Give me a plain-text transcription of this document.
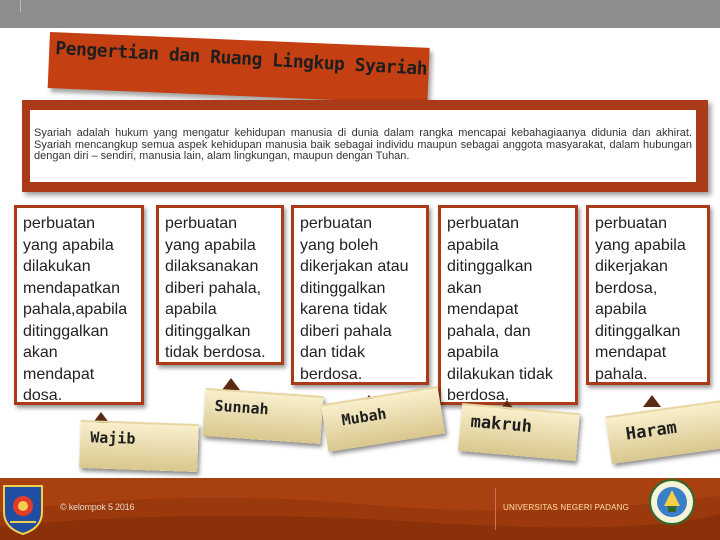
Pengertian dan Ruang Lingkup Syariah
Syariah adalah hukum yang mengatur kehidupan manusia di dunia dalam rangka mencapai kebahagiaanya didunia dan akhirat. Syariah mencangkup semua aspek kehidupan manusia baik sebagai individu maupun sebagai anggota masyarakat, dalam hubungan dengan diri – sendiri, manusia lain, alam lingkungan, maupun dengan Tuhan.
perbuatan
yang apabila
dilakukan
mendapatkan
pahala,apabila
ditinggalkan
akan
mendapat
dosa.
perbuatan
yang apabila
dilaksanakan
diberi pahala,
apabila
ditinggalkan
tidak berdosa.
perbuatan
yang boleh
dikerjakan atau
ditinggalkan
karena tidak
diberi pahala
dan tidak
berdosa.
perbuatan
apabila
ditinggalkan
akan
mendapat
pahala, dan
apabila
dilakukan tidak
berdosa.
perbuatan
yang apabila
dikerjakan
berdosa,
apabila
ditinggalkan
mendapat
pahala.
Wajib
Sunnah	Mubah	makruh	Haram
© kelompok 5 2016	UNIVERSITAS NEGERI PADANG
